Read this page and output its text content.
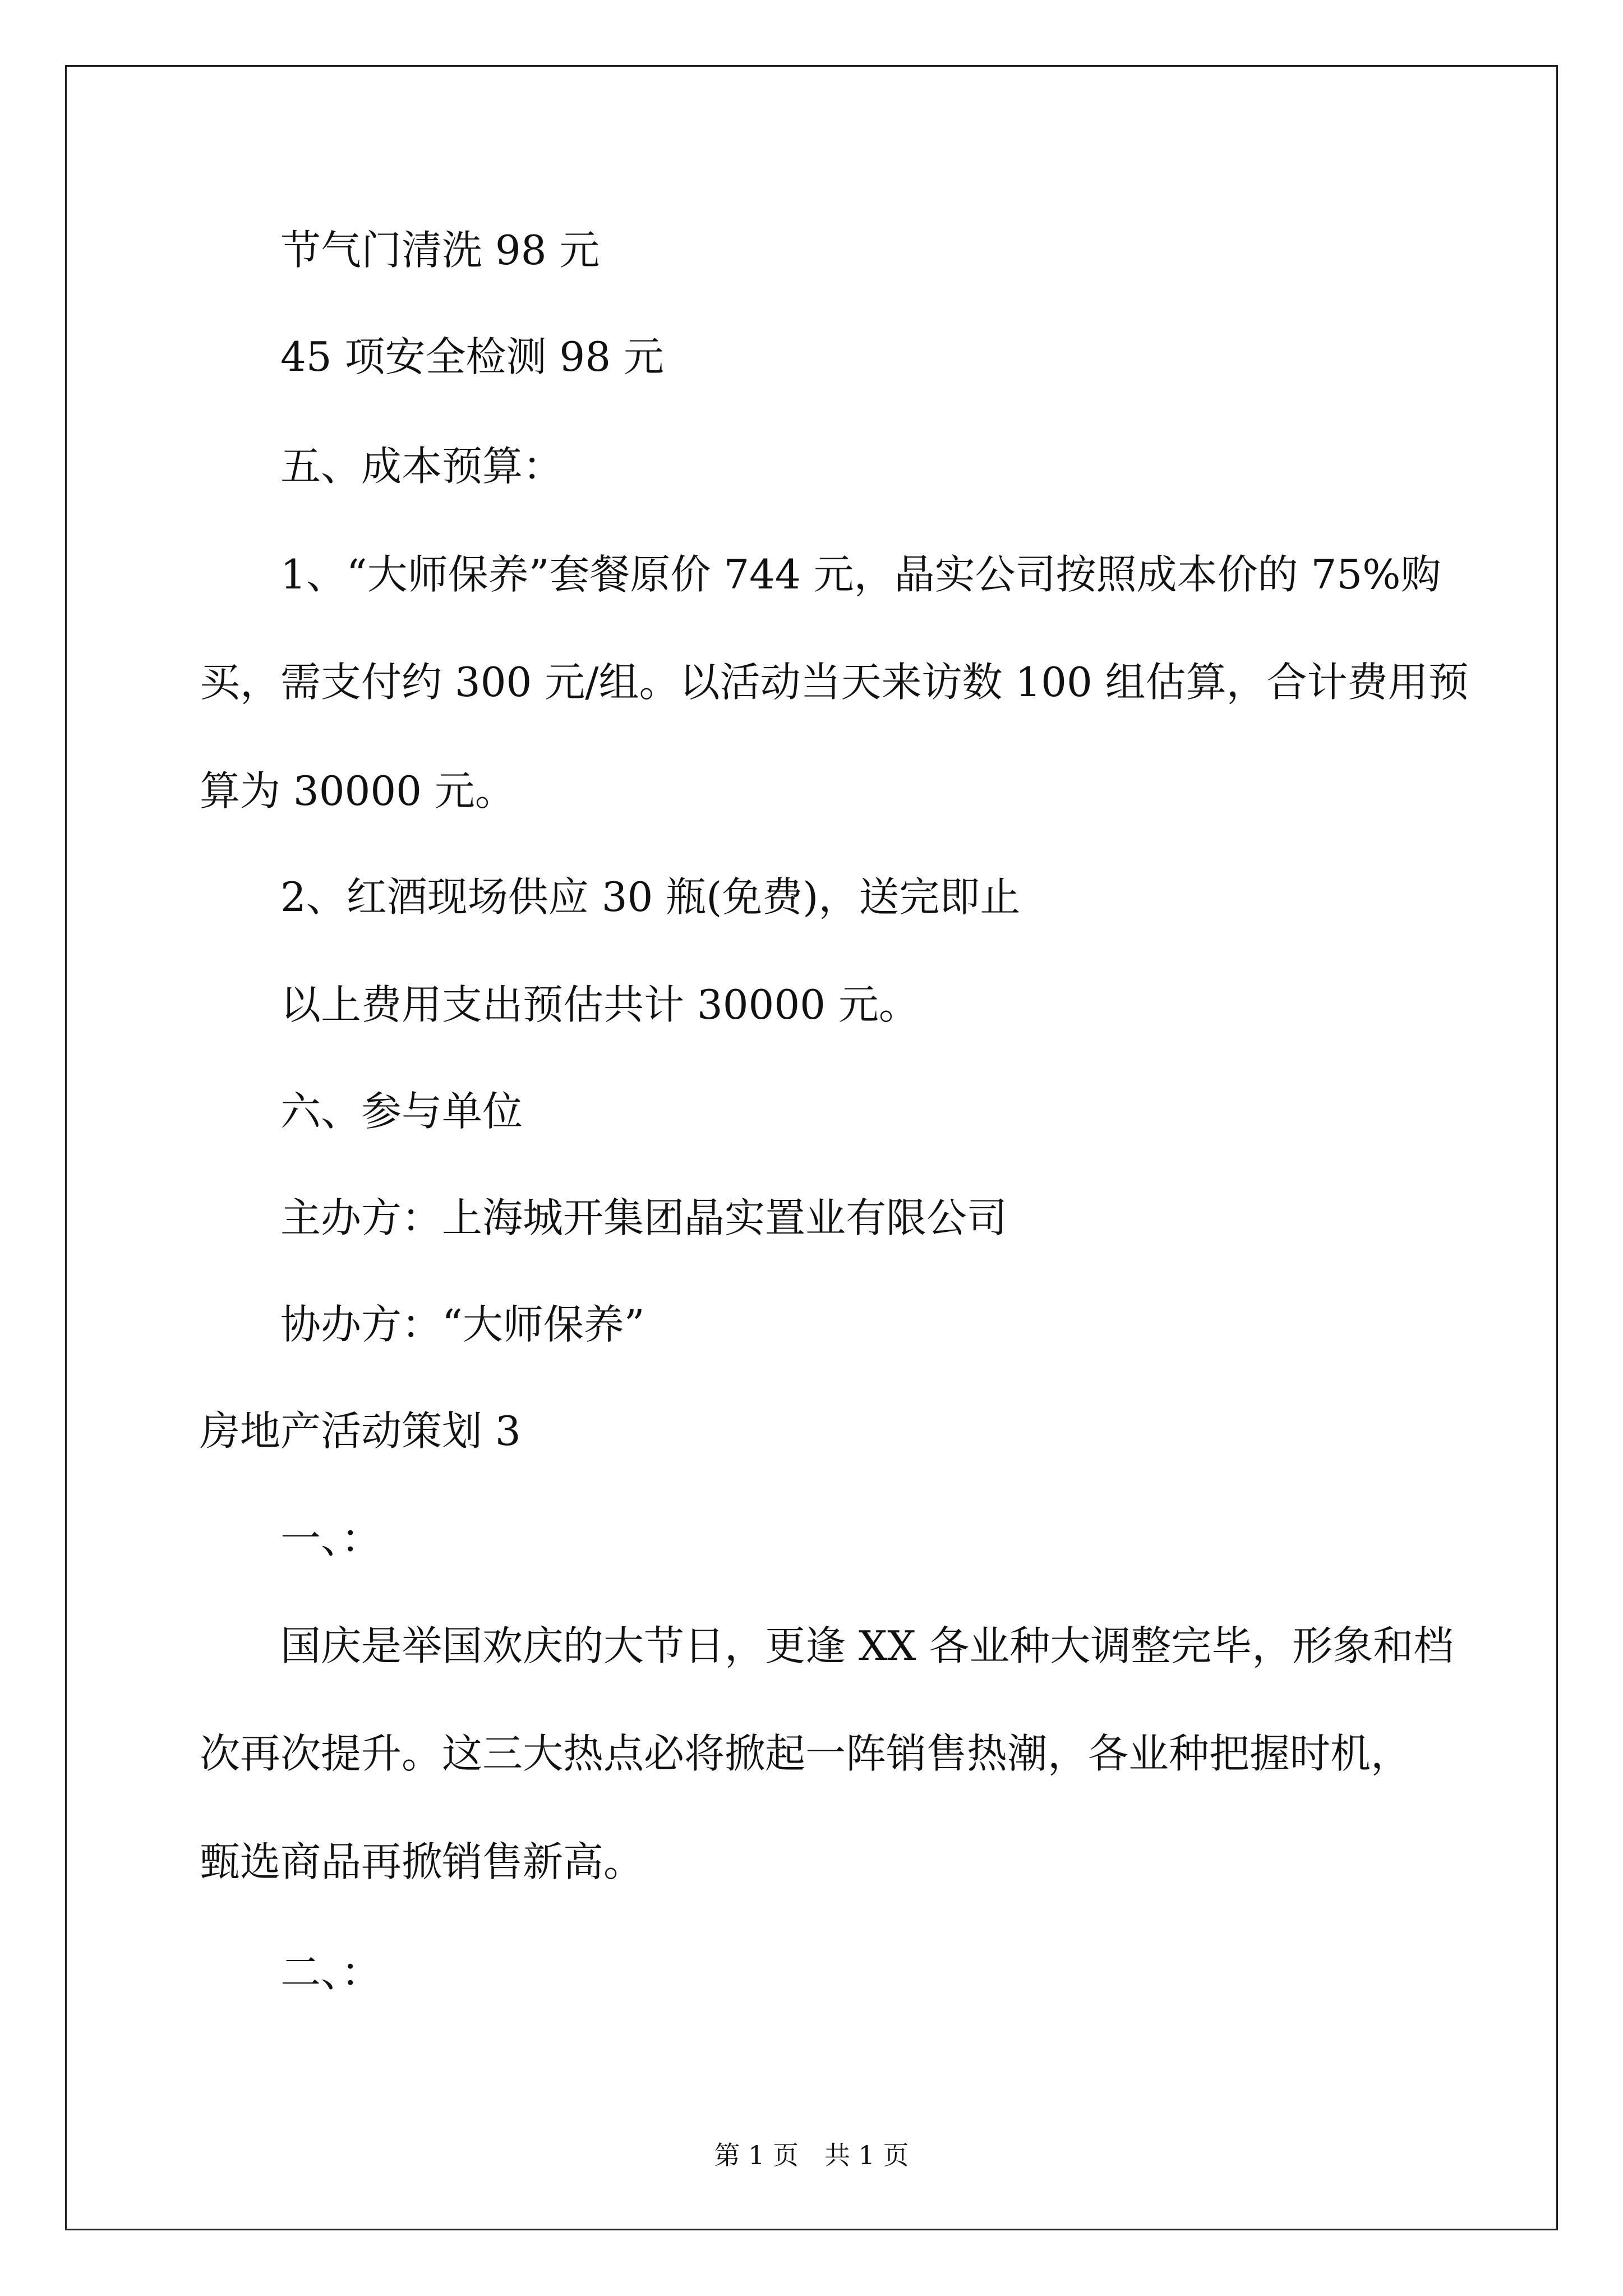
节气门清洗 98 元
45 项安全检测 98 元
五、成本预算：
1、“大师保养”套餐原价 744 元，晶实公司按照成本价的 75%购
买，需支付约 300 元/组。以活动当天来访数 100 组估算，合计费用预
算为 30000 元。
2、红酒现场供应 30 瓶(免费)，送完即止
以上费用支出预估共计 30000 元。
六、参与单位
主办方：上海城开集团晶实置业有限公司
协办方：“大师保养”
房地产活动策划 3
一、：
国庆是举国欢庆的大节日，更逢 XX 各业种大调整完毕，形象和档
次再次提升。这三大热点必将掀起一阵销售热潮，各业种把握时机，
甄选商品再掀销售新高。
二、：
第 1 页　共 1 页
